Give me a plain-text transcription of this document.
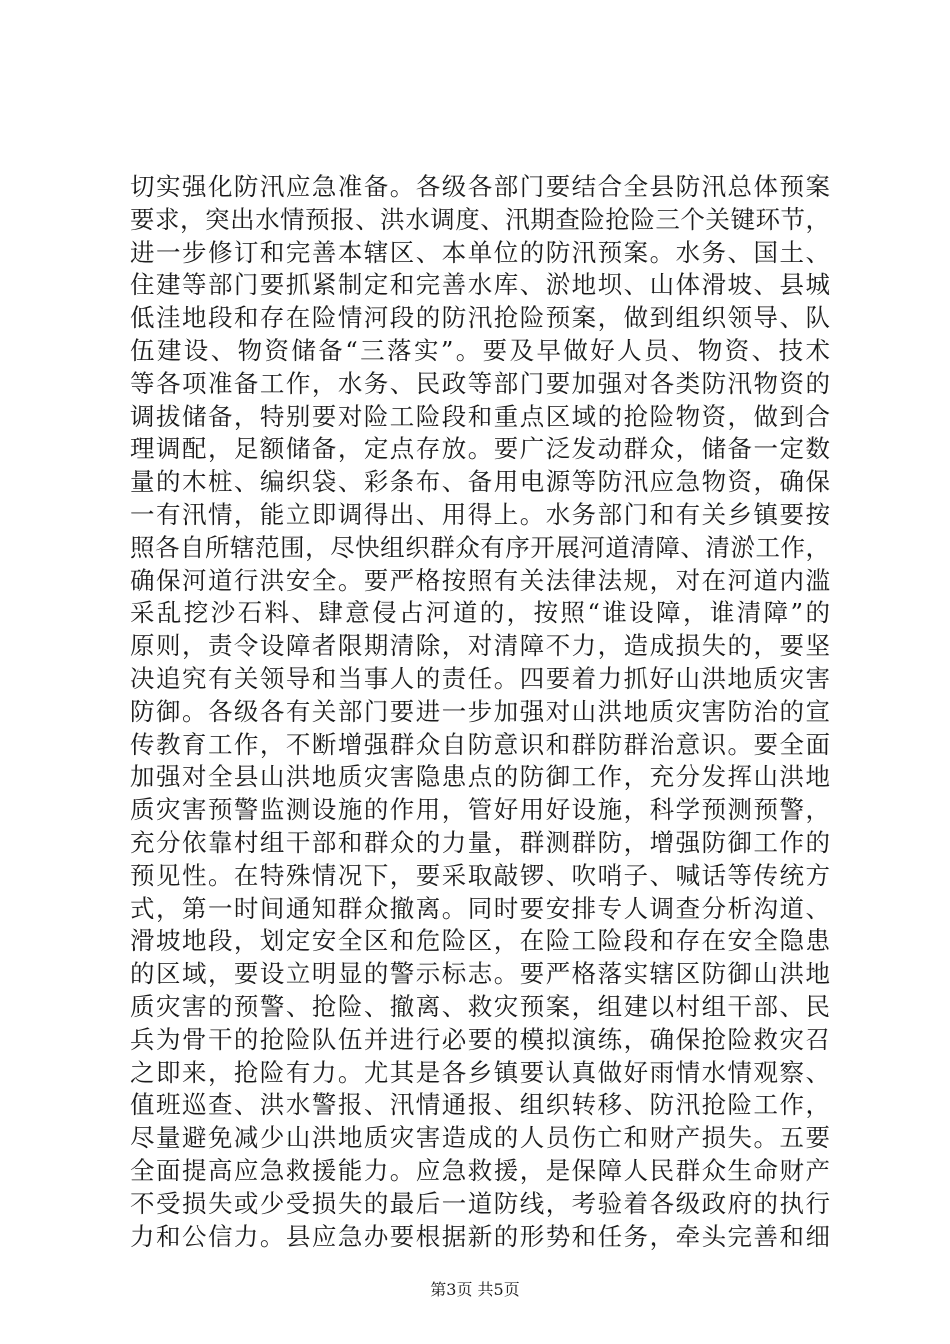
切实强化防汛应急准备。各级各部门要结合全县防汛总体预案
要求，突出水情预报、洪水调度、汛期查险抢险三个关键环节，
进一步修订和完善本辖区、本单位的防汛预案。水务、国土、
住建等部门要抓紧制定和完善水库、淤地坝、山体滑坡、县城
低洼地段和存在险情河段的防汛抢险预案，做到组织领导、队
伍建设、物资储备“三落实”。要及早做好人员、物资、技术
等各项准备工作，水务、民政等部门要加强对各类防汛物资的
调拔储备，特别要对险工险段和重点区域的抢险物资，做到合
理调配，足额储备，定点存放。要广泛发动群众，储备一定数
量的木桩、编织袋、彩条布、备用电源等防汛应急物资，确保
一有汛情，能立即调得出、用得上。水务部门和有关乡镇要按
照各自所辖范围，尽快组织群众有序开展河道清障、清淤工作，
确保河道行洪安全。要严格按照有关法律法规，对在河道内滥
采乱挖沙石料、肆意侵占河道的，按照“谁设障，谁清障”的
原则，责令设障者限期清除，对清障不力，造成损失的，要坚
决追究有关领导和当事人的责任。四要着力抓好山洪地质灾害
防御。各级各有关部门要进一步加强对山洪地质灾害防治的宣
传教育工作，不断增强群众自防意识和群防群治意识。要全面
加强对全县山洪地质灾害隐患点的防御工作，充分发挥山洪地
质灾害预警监测设施的作用，管好用好设施，科学预测预警，
充分依靠村组干部和群众的力量，群测群防，增强防御工作的
预见性。在特殊情况下，要采取敲锣、吹哨子、喊话等传统方
式，第一时间通知群众撤离。同时要安排专人调查分析沟道、
滑坡地段，划定安全区和危险区，在险工险段和存在安全隐患
的区域，要设立明显的警示标志。要严格落实辖区防御山洪地
质灾害的预警、抢险、撤离、救灾预案，组建以村组干部、民
兵为骨干的抢险队伍并进行必要的模拟演练，确保抢险救灾召
之即来，抢险有力。尤其是各乡镇要认真做好雨情水情观察、
值班巡查、洪水警报、汛情通报、组织转移、防汛抢险工作，
尽量避免减少山洪地质灾害造成的人员伤亡和财产损失。五要
全面提高应急救援能力。应急救援，是保障人民群众生命财产
不受损失或少受损失的最后一道防线，考验着各级政府的执行
力和公信力。县应急办要根据新的形势和任务，牵头完善和细
第3页 共5页
